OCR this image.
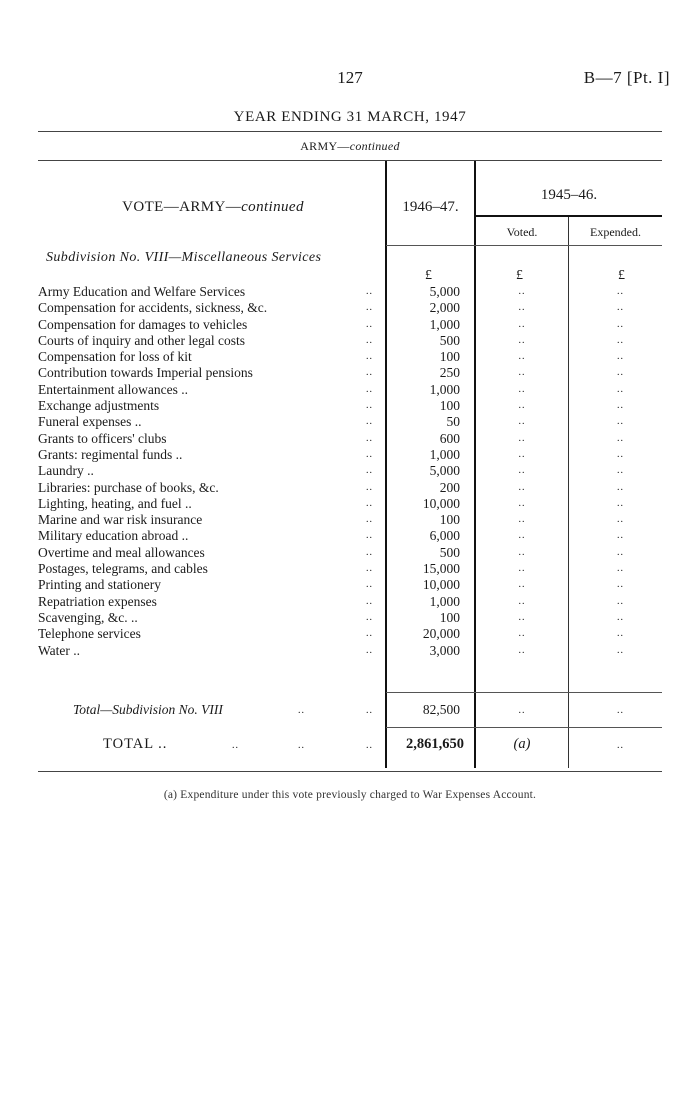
127	B—7 [Pt. I]
YEAR ENDING 31 MARCH, 1947
ARMY—continued
VOTE—ARMY—continued	1946–47.
1945–46.
Voted.	Expended.
Subdivision No. VIII—Miscellaneous Services
£	£	£
Army Education and Welfare Services	..	5,000	..	..
Compensation for accidents, sickness, &c.	..	2,000	..	..
Compensation for damages to vehicles	..	1,000	..	..
Courts of inquiry and other legal costs	..	500	..	..
Compensation for loss of kit	..	100	..	..
Contribution towards Imperial pensions	..	250	..	..
Entertainment allowances ..	..	1,000	..	..
Exchange adjustments	..	100	..	..
Funeral expenses ..	..	50	..	..
Grants to officers' clubs	..	600	..	..
Grants: regimental funds ..	..	1,000	..	..
Laundry ..	..	5,000	..	..
Libraries: purchase of books, &c.	..	200	..	..
Lighting, heating, and fuel ..	..	10,000	..	..
Marine and war risk insurance	..	100	..	..
Military education abroad ..	..	6,000	..	..
Overtime and meal allowances	..	500	..	..
Postages, telegrams, and cables	..	15,000	..	..
Printing and stationery	..	10,000	..	..
Repatriation expenses	..	1,000	..	..
Scavenging, &c. ..	..	100	..	..
Telephone services	..	20,000	..	..
Water ..	..	3,000	..	..
Total—Subdivision No. VIII	..	..	82,500	..	..
TOTAL ..	..	..	..	2,861,650	(a)	..
(a) Expenditure under this vote previously charged to War Expenses Account.
